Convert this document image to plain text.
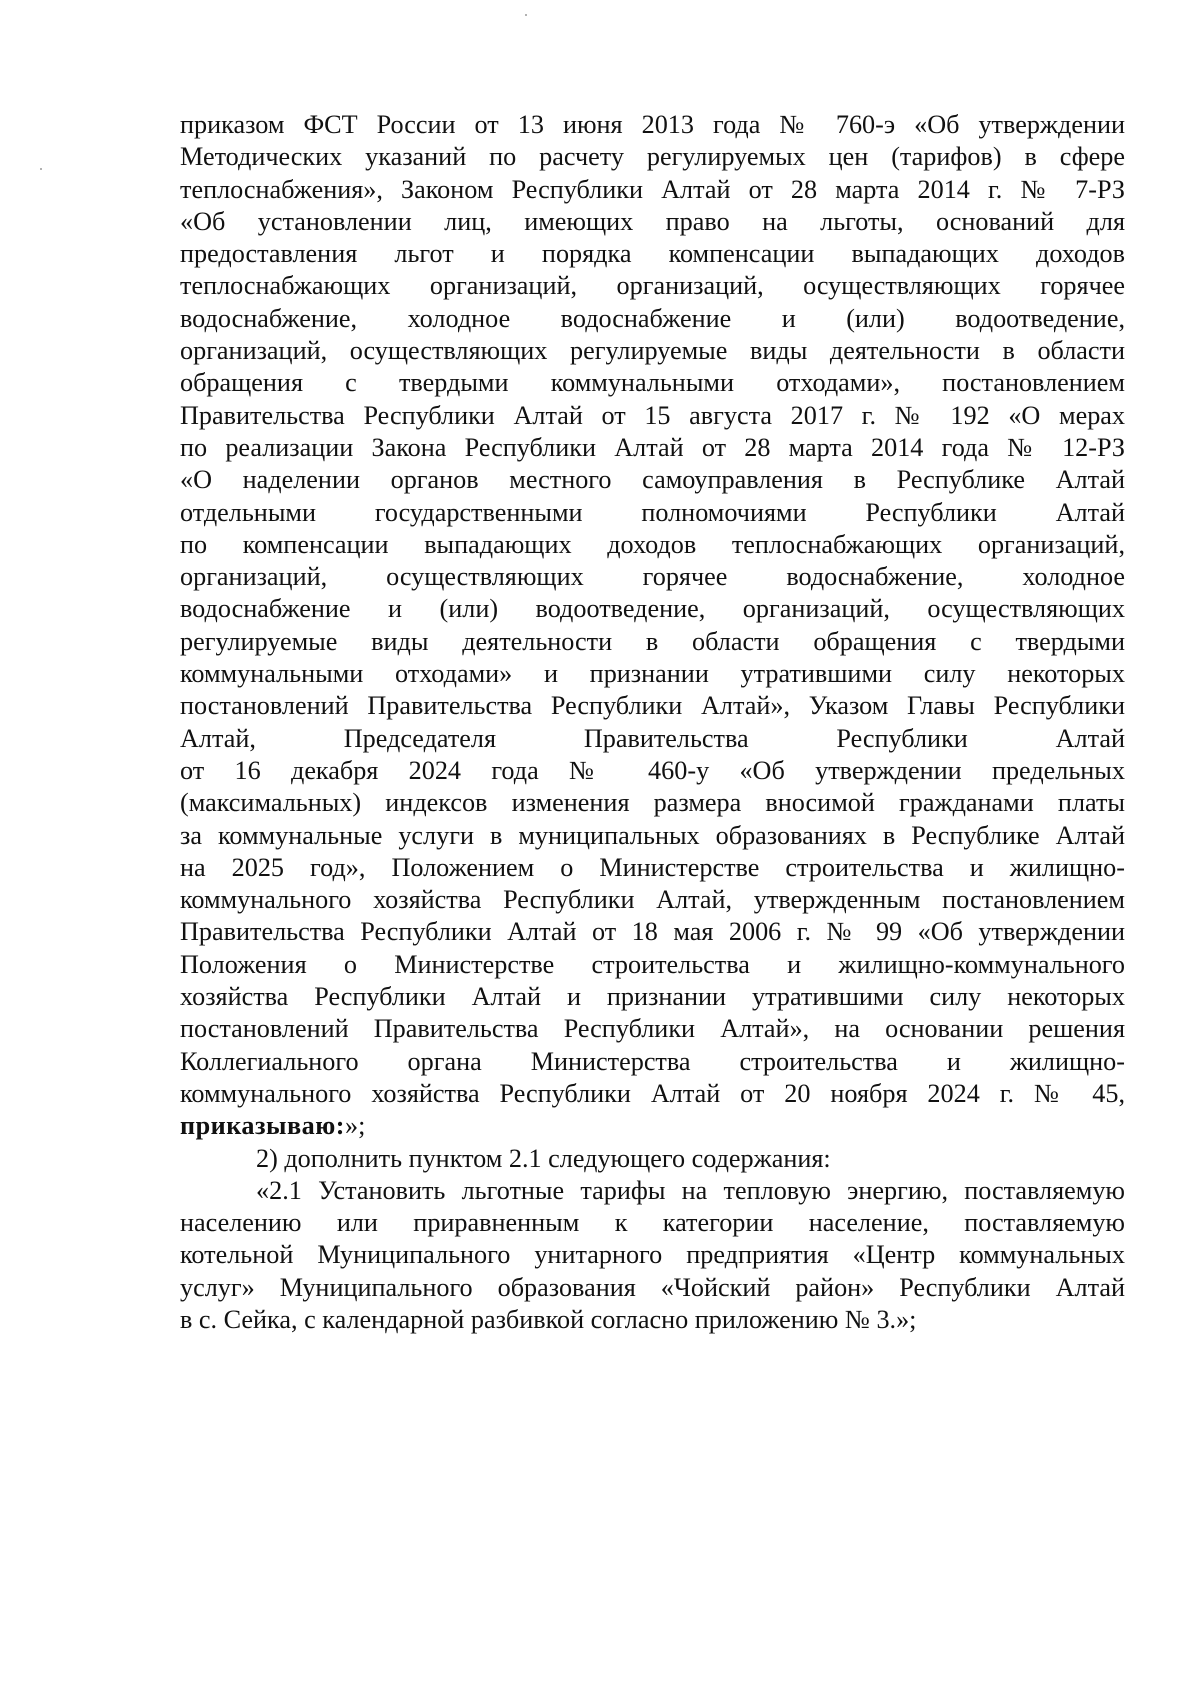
приказом ФСТ России от 13 июня 2013 года № 760-э «Об утверждении
Методических указаний по расчету регулируемых цен (тарифов) в сфере
теплоснабжения», Законом Республики Алтай от 28 марта 2014 г. № 7-РЗ
«Об установлении лиц, имеющих право на льготы, оснований для
предоставления льгот и порядка компенсации выпадающих доходов
теплоснабжающих организаций, организаций, осуществляющих горячее
водоснабжение, холодное водоснабжение и (или) водоотведение,
организаций, осуществляющих регулируемые виды деятельности в области
обращения с твердыми коммунальными отходами», постановлением
Правительства Республики Алтай от 15 августа 2017 г. № 192 «О мерах
по реализации Закона Республики Алтай от 28 марта 2014 года № 12-РЗ
«О наделении органов местного самоуправления в Республике Алтай
отдельными государственными полномочиями Республики Алтай
по компенсации выпадающих доходов теплоснабжающих организаций,
организаций, осуществляющих горячее водоснабжение, холодное
водоснабжение и (или) водоотведение, организаций, осуществляющих
регулируемые виды деятельности в области обращения с твердыми
коммунальными отходами» и признании утратившими силу некоторых
постановлений Правительства Республики Алтай», Указом Главы Республики
Алтай, Председателя Правительства Республики Алтай
от 16 декабря 2024 года № 460-у «Об утверждении предельных
(максимальных) индексов изменения размера вносимой гражданами платы
за коммунальные услуги в муниципальных образованиях в Республике Алтай
на 2025 год», Положением о Министерстве строительства и жилищно-
коммунального хозяйства Республики Алтай, утвержденным постановлением
Правительства Республики Алтай от 18 мая 2006 г. № 99 «Об утверждении
Положения о Министерстве строительства и жилищно-коммунального
хозяйства Республики Алтай и признании утратившими силу некоторых
постановлений Правительства Республики Алтай», на основании решения
Коллегиального органа Министерства строительства и жилищно-
коммунального хозяйства Республики Алтай от 20 ноября 2024 г. № 45,
приказываю:»;
2) дополнить пунктом 2.1 следующего содержания:
«2.1 Установить льготные тарифы на тепловую энергию, поставляемую
населению или приравненным к категории население, поставляемую
котельной Муниципального унитарного предприятия «Центр коммунальных
услуг» Муниципального образования «Чойский район» Республики Алтай
в с. Сейка, с календарной разбивкой согласно приложению № 3.»;
